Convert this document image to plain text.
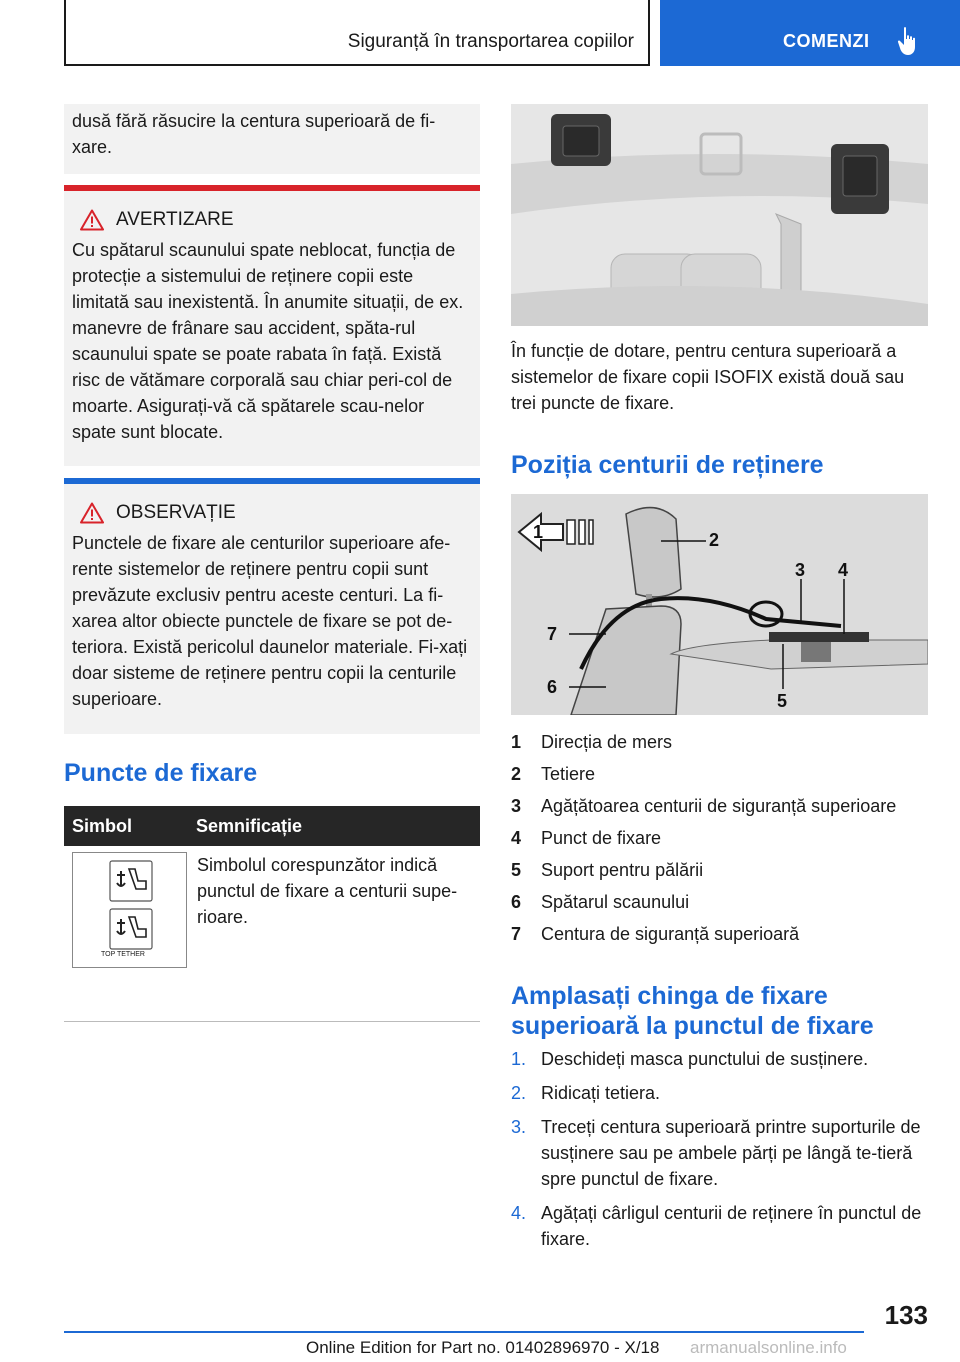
Siguranță în transportarea copiilor	COMENZI

dusă fără răsucire la centura superioară de fi-xare.

AVERTIZARE

Cu spătarul scaunului spate neblocat, funcția de protecție a sistemului de reținere copii este limitată sau inexistentă. În anumite situații, de ex. manevre de frânare sau accident, spăta-rul scaunului spate se poate rabata în față. Există risc de vătămare corporală sau chiar peri-col de moarte. Asigurați-vă că spătarele scau-nelor spate sunt blocate.

OBSERVAȚIE

Punctele de fixare ale centurilor superioare afe-rente sistemelor de reținere pentru copii sunt prevăzute exclusiv pentru aceste centuri. La fi-xarea altor obiecte punctele de fixare se pot de-teriora. Există pericolul daunelor materiale. Fi-xați doar sisteme de reținere pentru copii la centurile superioare.

Puncte de fixare
Simbol	Semnificație
TOP TETHER

Simbolul corespunzător indică punctul de fixare a centurii supe-rioare.

În funcție de dotare, pentru centura superioară a sistemelor de fixare copii ISOFIX există două sau trei puncte de fixare.

Poziția centurii de reținere
1	2
3 4
5
6
7
1	Direcția de mers
2	Tetiere
3	Agățătoarea centurii de siguranță superioare
4	Punct de fixare
5	Suport pentru pălării
6	Spătarul scaunului
7	Centura de siguranță superioară
Amplasați chinga de fixare
superioară la punctul de fixare
1. Deschideți masca punctului de susținere.
2. Ridicați tetiera.
3. Treceți centura superioară printre suporturile de susținere sau pe ambele părți pe lângă te-tieră spre punctul de fixare.
4. Agățați cârligul centurii de reținere în punctul de fixare.
133
Online Edition for Part no. 01402896970 - X/18 armanualsonline.info
